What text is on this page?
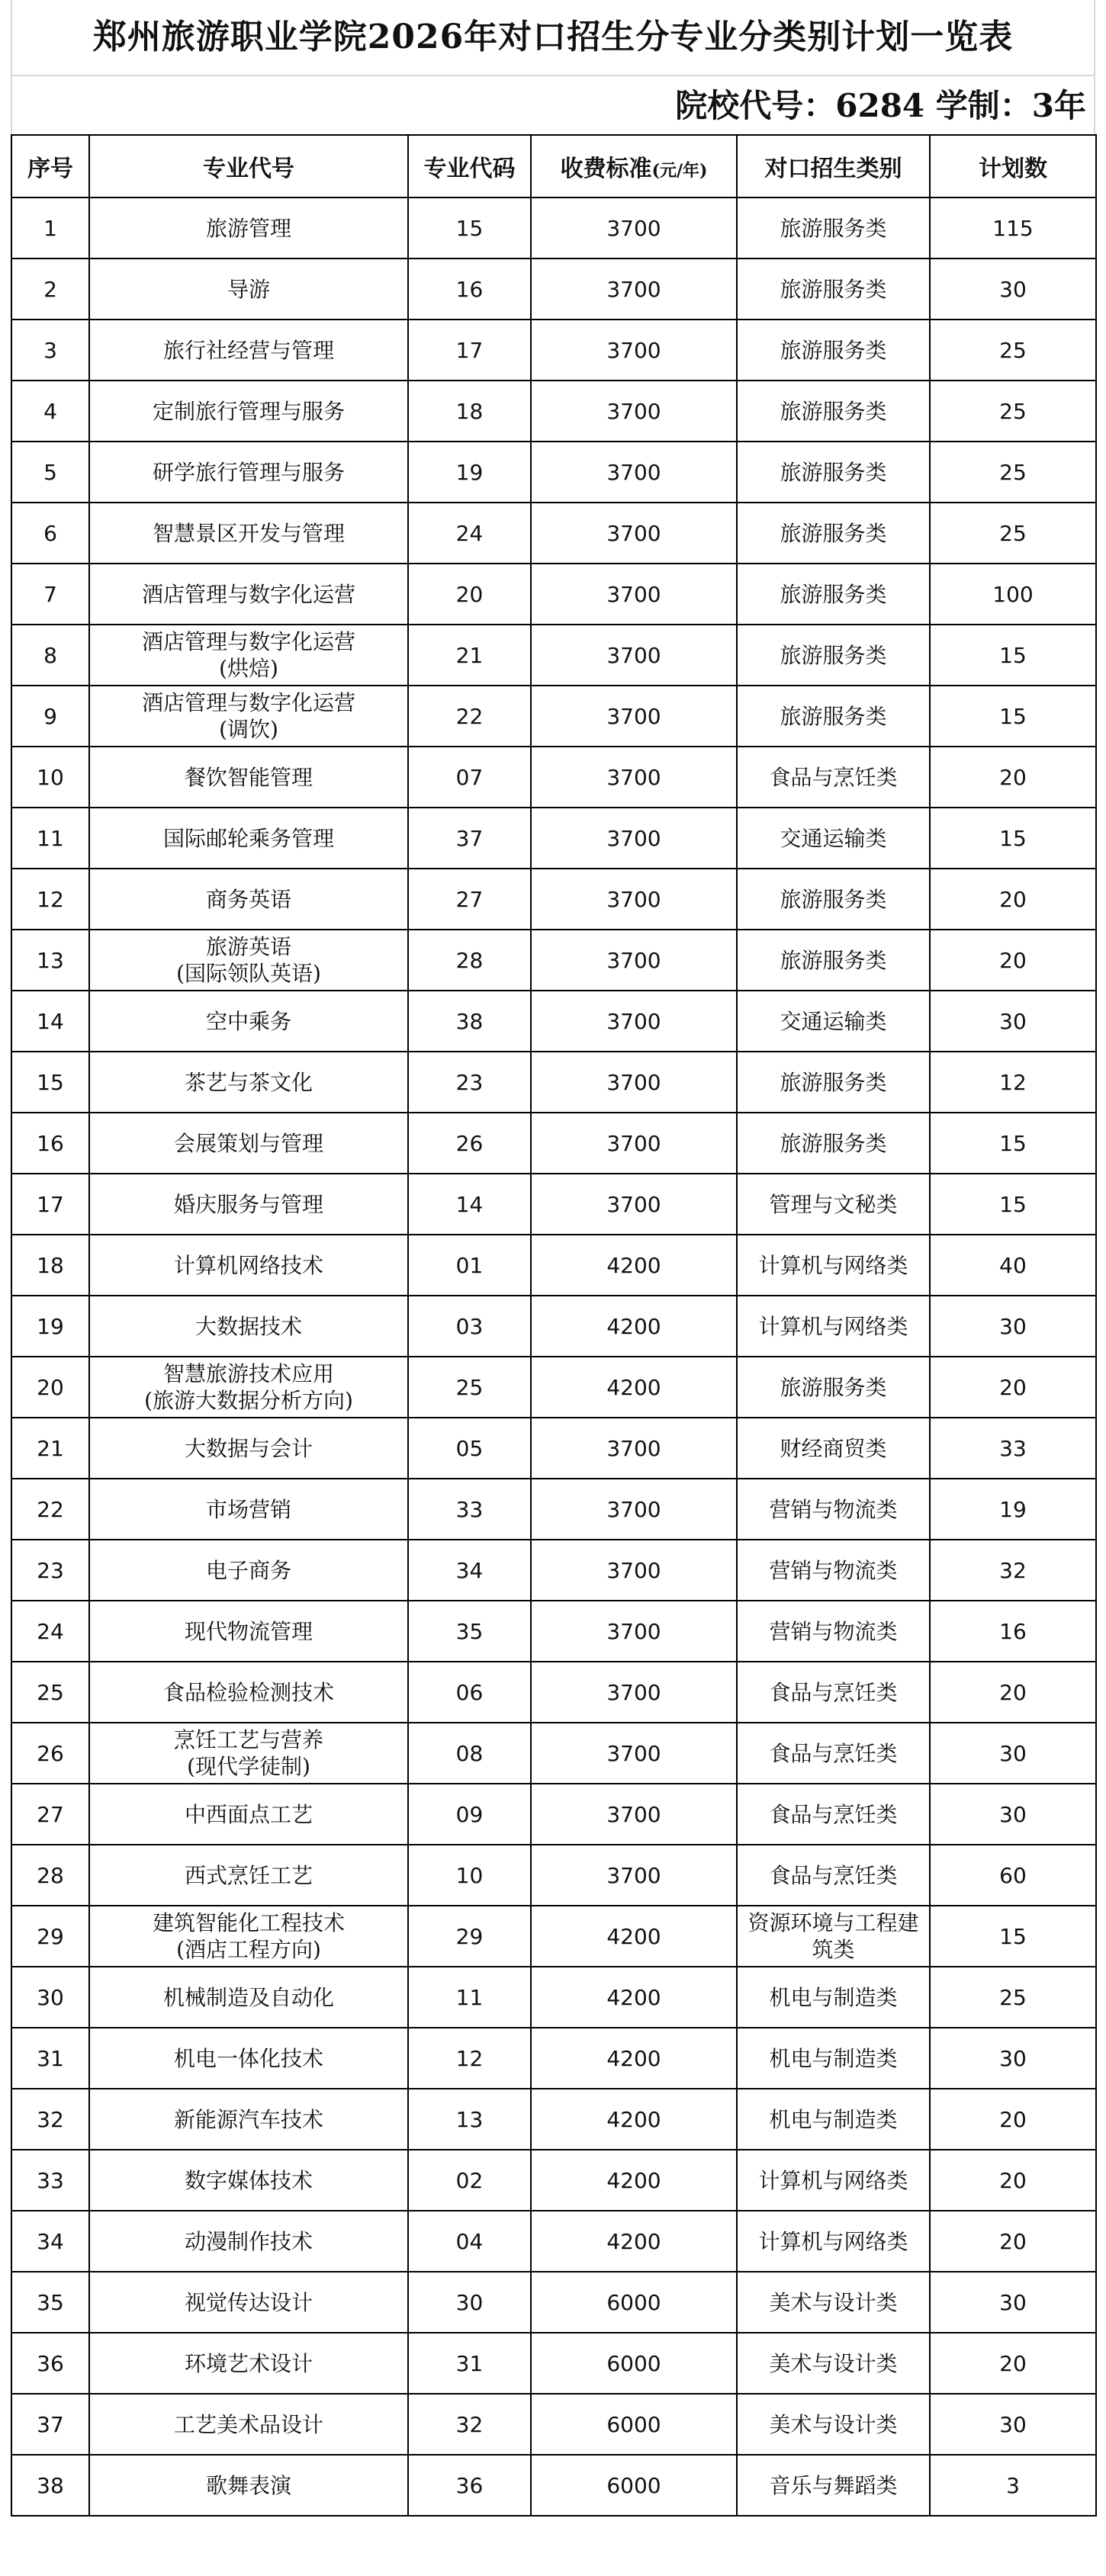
郑州旅游职业学院2026年对口招生分专业分类别计划一览表
院校代号：6284 学制：3年
序号	专业代号	专业代码	收费标准(元/年)	对口招生类别	计划数
1	旅游管理	15	3700	旅游服务类	115
2	导游	16	3700	旅游服务类	30
3	旅行社经营与管理	17	3700	旅游服务类	25
4	定制旅行管理与服务	18	3700	旅游服务类	25
5	研学旅行管理与服务	19	3700	旅游服务类	25
6	智慧景区开发与管理	24	3700	旅游服务类	25
7	酒店管理与数字化运营	20	3700	旅游服务类	100
8	酒店管理与数字化运营
(烘焙)	21	3700	旅游服务类	15
9	酒店管理与数字化运营
(调饮)	22	3700	旅游服务类	15
10	餐饮智能管理	07	3700	食品与烹饪类	20
11	国际邮轮乘务管理	37	3700	交通运输类	15
12	商务英语	27	3700	旅游服务类	20
13	旅游英语
(国际领队英语)	28	3700	旅游服务类	20
14	空中乘务	38	3700	交通运输类	30
15	茶艺与茶文化	23	3700	旅游服务类	12
16	会展策划与管理	26	3700	旅游服务类	15
17	婚庆服务与管理	14	3700	管理与文秘类	15
18	计算机网络技术	01	4200	计算机与网络类	40
19	大数据技术	03	4200	计算机与网络类	30
20	智慧旅游技术应用
(旅游大数据分析方向)	25	4200	旅游服务类	20
21	大数据与会计	05	3700	财经商贸类	33
22	市场营销	33	3700	营销与物流类	19
23	电子商务	34	3700	营销与物流类	32
24	现代物流管理	35	3700	营销与物流类	16
25	食品检验检测技术	06	3700	食品与烹饪类	20
26	烹饪工艺与营养
(现代学徒制)	08	3700	食品与烹饪类	30
27	中西面点工艺	09	3700	食品与烹饪类	30
28	西式烹饪工艺	10	3700	食品与烹饪类	60
29	建筑智能化工程技术
(酒店工程方向)	29	4200	资源环境与工程建
筑类	15
30	机械制造及自动化	11	4200	机电与制造类	25
31	机电一体化技术	12	4200	机电与制造类	30
32	新能源汽车技术	13	4200	机电与制造类	20
33	数字媒体技术	02	4200	计算机与网络类	20
34	动漫制作技术	04	4200	计算机与网络类	20
35	视觉传达设计	30	6000	美术与设计类	30
36	环境艺术设计	31	6000	美术与设计类	20
37	工艺美术品设计	32	6000	美术与设计类	30
38	歌舞表演	36	6000	音乐与舞蹈类	3
